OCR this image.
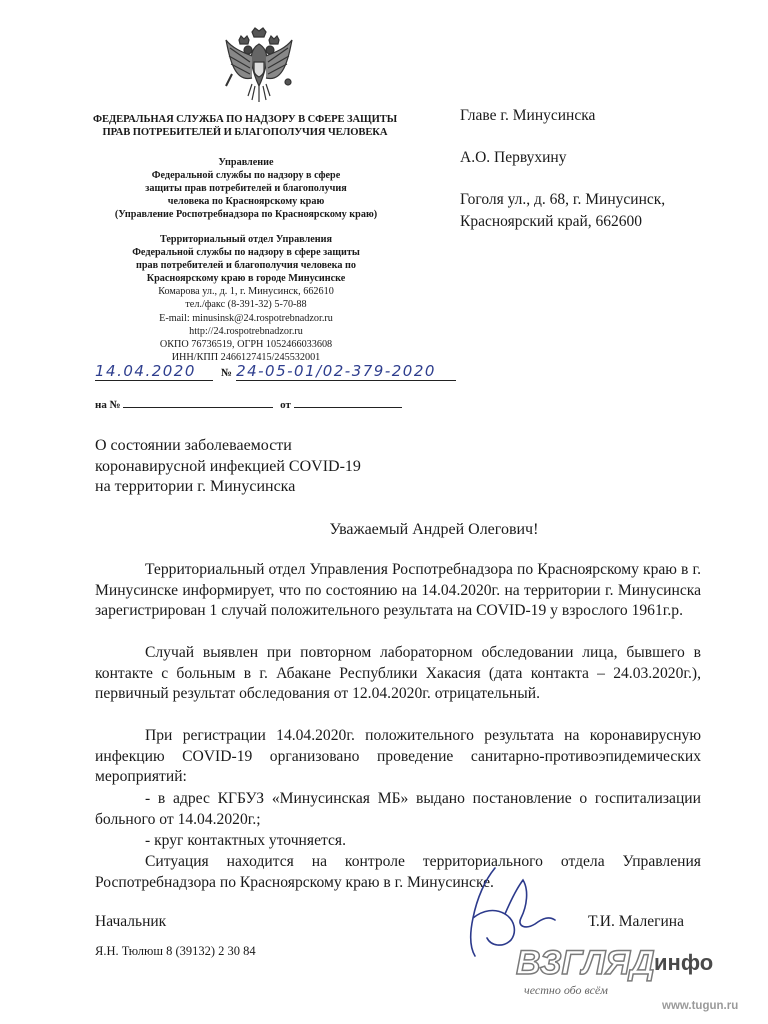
ФЕДЕРАЛЬНАЯ СЛУЖБА ПО НАДЗОРУ В СФЕРЕ ЗАЩИТЫ
ПРАВ ПОТРЕБИТЕЛЕЙ И БЛАГОПОЛУЧИЯ ЧЕЛОВЕКА
Управление
Федеральной службы по надзору в сфере
защиты прав потребителей и благополучия
человека по Красноярскому краю
(Управление Роспотребнадзора по Красноярскому краю)
Территориальный отдел Управления
Федеральной службы по надзору в сфере защиты
прав потребителей и благополучия человека по
Красноярскому краю в городе Минусинске
Комарова ул., д. 1, г. Минусинск, 662610
тел./факс (8-391-32) 5-70-88
E-mail: minusinsk@24.rospotrebnadzor.ru
http://24.rospotrebnadzor.ru
ОКПО 76736519, ОГРН 1052466033608
ИНН/КПП 2466127415/245532001
14.04.2020 № 24-05-01/02-379-2020
на №	от
Главе г. Минусинска
А.О. Первухину
Гоголя ул., д. 68, г. Минусинск,
Красноярский край, 662600
О состоянии заболеваемости
коронавирусной инфекцией COVID-19
на территории г. Минусинска
Уважаемый Андрей Олегович!
Территориальный отдел Управления Роспотребнадзора по Красноярскому краю в г. Минусинске информирует, что по состоянию на 14.04.2020г. на территории г. Минусинска зарегистрирован 1 случай положительного результата на COVID-19 у взрослого 1961г.р.
Случай выявлен при повторном лабораторном обследовании лица, бывшего в контакте с больным в г. Абакане Республики Хакасия (дата контакта – 24.03.2020г.), первичный результат обследования от 12.04.2020г. отрицательный.
При регистрации 14.04.2020г. положительного результата на коронавирусную инфекцию COVID-19 организовано проведение санитарно-противоэпидемических мероприятий:
- в адрес КГБУЗ «Минусинская МБ» выдано постановление о госпитализации больного от 14.04.2020г.;
- круг контактных уточняется.
Ситуация находится на контроле территориального отдела Управления Роспотребнадзора по Красноярскому краю в г. Минусинске.
Начальник	Т.И. Малегина
Я.Н. Тюлюш 8 (39132) 2 30 84	ВЗГЛЯД инфо
честно обо всём
www.tugun.ru
